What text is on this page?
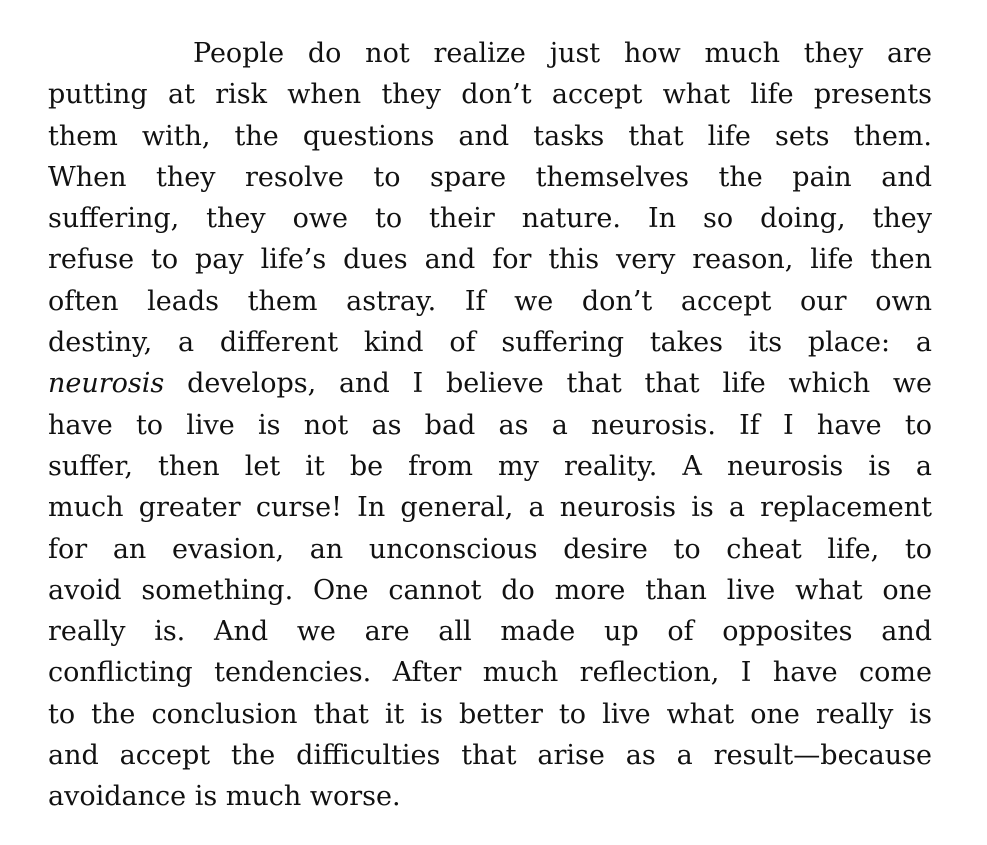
People do not realize just how much they are
putting at risk when they don’t accept what life presents
them with, the questions and tasks that life sets them.
When they resolve to spare themselves the pain and
suffering, they owe to their nature. In so doing, they
refuse to pay life’s dues and for this very reason, life then
often leads them astray. If we don’t accept our own
destiny, a different kind of suffering takes its place: a
neurosis develops, and I believe that that life which we
have to live is not as bad as a neurosis. If I have to
suffer, then let it be from my reality. A neurosis is a
much greater curse! In general, a neurosis is a replacement
for an evasion, an unconscious desire to cheat life, to
avoid something. One cannot do more than live what one
really is. And we are all made up of opposites and
conflicting tendencies. After much reflection, I have come
to the conclusion that it is better to live what one really is
and accept the difficulties that arise as a result—because
avoidance is much worse.
